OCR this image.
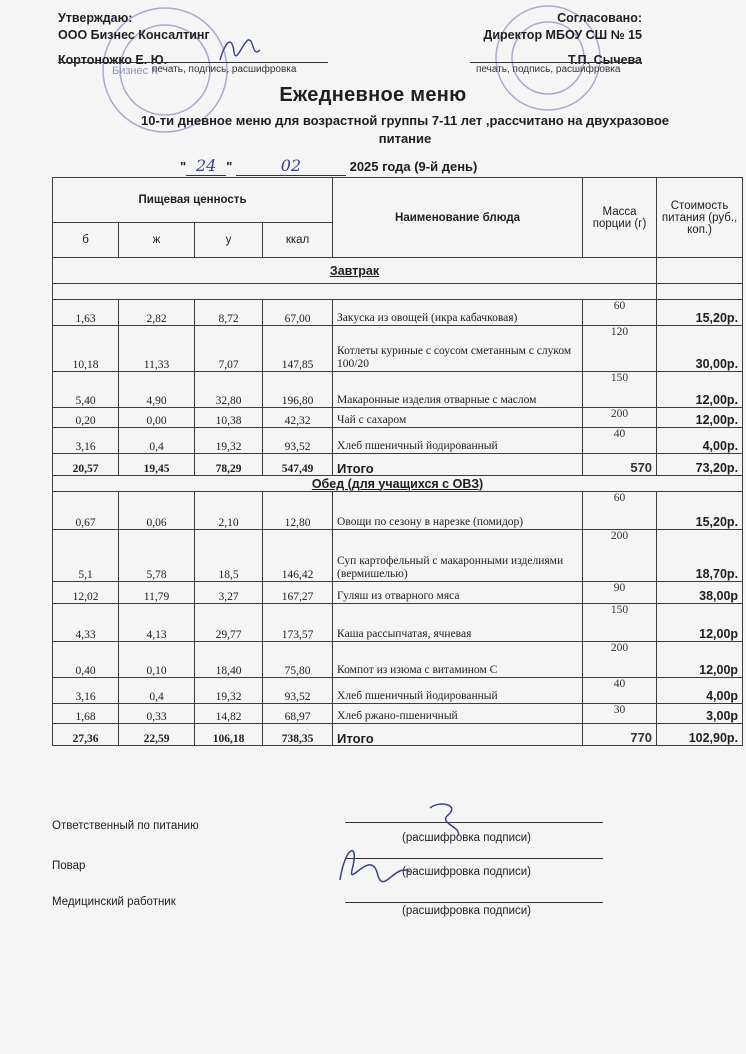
Бизнес К
Утверждаю:
ООО Бизнес Консалтинг
Кортоножко Е. Ю.
печать, подпись, расшифровка
Согласовано:
Директор МБОУ СШ № 15
Т.П. Сычева
печать, подпись, расшифровка
Ежедневное меню
10-ти дневное меню для возрастной группы 7-11 лет ,рассчитано на двухразовое питание
" 24 "	02	2025 года (9-й день)
Пищевая ценность				Наименование блюда	Масса порции (г)	Стоимость питания (руб., коп.)
б	ж	у	ккал			
Завтрак						

1,63	2,82	8,72	67,00	Закуска из овощей (икра кабачковая)	60	15,20р.
10,18	11,33	7,07	147,85	Котлеты куриные с соусом сметанным с слуком 100/20	120	30,00р.
5,40	4,90	32,80	196,80	Макаронные изделия отварные с маслом	150	12,00р.
0,20	0,00	10,38	42,32	Чай с сахаром	200	12,00р.
3,16	0,4	19,32	93,52	Хлеб пшеничный йодированный	40	4,00р.
20,57	19,45	78,29	547,49	Итого	570	73,20р.
Обед (для учащихся с ОВЗ)						
0,67	0,06	2,10	12,80	Овощи по сезону в нарезке (помидор)	60	15,20р.
5,1	5,78	18,5	146,42	Суп картофельный с макаронными изделиями (вермишелью)	200	18,70р.
12,02	11,79	3,27	167,27	Гуляш из отварного мяса	90	38,00р
4,33	4,13	29,77	173,57	Каша рассыпчатая, ячневая	150	12,00р
0,40	0,10	18,40	75,80	Компот из изюма с витамином С	200	12,00р
3,16	0,4	19,32	93,52	Хлеб пшеничный йодированный	40	4,00р
1,68	0,33	14,82	68,97	Хлеб ржано-пшеничный	30	3,00р
27,36	22,59	106,18	738,35	Итого	770	102,90р.
Ответственный по питанию
Повар
Медицинский работник
(расшифровка подписи)
(расшифровка подписи)
(расшифровка подписи)
